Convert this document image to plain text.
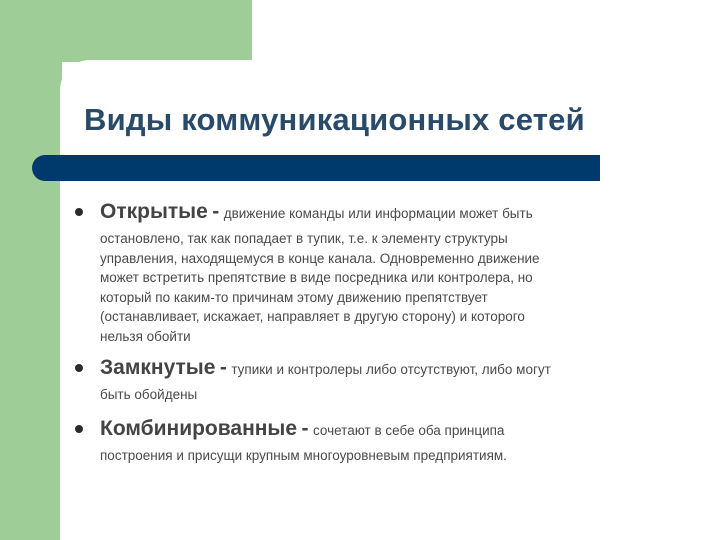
Виды коммуникационных сетей
Открытые - движение команды или информации может быть
остановлено, так как попадает в тупик, т.е. к элементу структуры
управления, находящемуся в конце канала. Одновременно движение
может встретить препятствие в виде посредника или контролера, но
который по каким-то причинам этому движению препятствует
(останавливает, искажает, направляет в другую сторону) и которого
нельзя обойти
Замкнутые - тупики и контролеры либо отсутствуют, либо могут
быть обойдены
Комбинированные - сочетают в себе оба принципа
построения и присущи крупным многоуровневым предприятиям.
